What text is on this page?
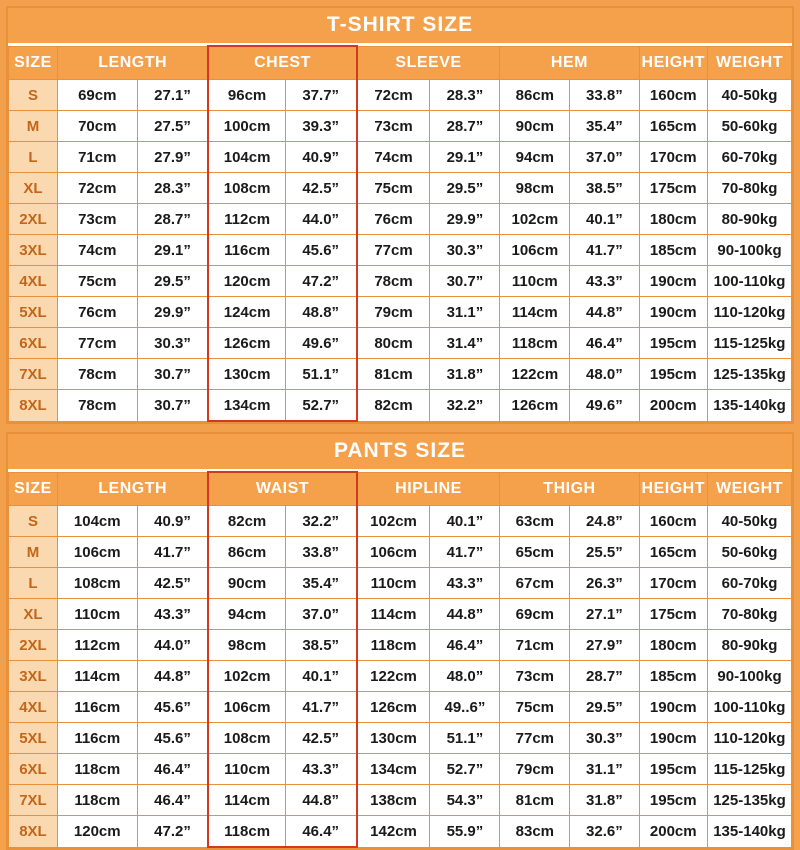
T-SHIRT SIZE
SIZE	LENGTH		CHEST		SLEEVE		HEM		HEIGHT	WEIGHT
S	69cm	27.1”	96cm	37.7”	72cm	28.3”	86cm	33.8”	160cm	40-50kg
M	70cm	27.5”	100cm	39.3”	73cm	28.7”	90cm	35.4”	165cm	50-60kg
L	71cm	27.9”	104cm	40.9”	74cm	29.1”	94cm	37.0”	170cm	60-70kg
XL	72cm	28.3”	108cm	42.5”	75cm	29.5”	98cm	38.5”	175cm	70-80kg
2XL	73cm	28.7”	112cm	44.0”	76cm	29.9”	102cm	40.1”	180cm	80-90kg
3XL	74cm	29.1”	116cm	45.6”	77cm	30.3”	106cm	41.7”	185cm	90-100kg
4XL	75cm	29.5”	120cm	47.2”	78cm	30.7”	110cm	43.3”	190cm	100-110kg
5XL	76cm	29.9”	124cm	48.8”	79cm	31.1”	114cm	44.8”	190cm	110-120kg
6XL	77cm	30.3”	126cm	49.6”	80cm	31.4”	118cm	46.4”	195cm	115-125kg
7XL	78cm	30.7”	130cm	51.1”	81cm	31.8”	122cm	48.0”	195cm	125-135kg
8XL	78cm	30.7”	134cm	52.7”	82cm	32.2”	126cm	49.6”	200cm	135-140kg
PANTS SIZE
SIZE	LENGTH		WAIST		HIPLINE		THIGH		HEIGHT	WEIGHT
S	104cm	40.9”	82cm	32.2”	102cm	40.1”	63cm	24.8”	160cm	40-50kg
M	106cm	41.7”	86cm	33.8”	106cm	41.7”	65cm	25.5”	165cm	50-60kg
L	108cm	42.5”	90cm	35.4”	110cm	43.3”	67cm	26.3”	170cm	60-70kg
XL	110cm	43.3”	94cm	37.0”	114cm	44.8”	69cm	27.1”	175cm	70-80kg
2XL	112cm	44.0”	98cm	38.5”	118cm	46.4”	71cm	27.9”	180cm	80-90kg
3XL	114cm	44.8”	102cm	40.1”	122cm	48.0”	73cm	28.7”	185cm	90-100kg
4XL	116cm	45.6”	106cm	41.7”	126cm	49..6”	75cm	29.5”	190cm	100-110kg
5XL	116cm	45.6”	108cm	42.5”	130cm	51.1”	77cm	30.3”	190cm	110-120kg
6XL	118cm	46.4”	110cm	43.3”	134cm	52.7”	79cm	31.1”	195cm	115-125kg
7XL	118cm	46.4”	114cm	44.8”	138cm	54.3”	81cm	31.8”	195cm	125-135kg
8XL	120cm	47.2”	118cm	46.4”	142cm	55.9”	83cm	32.6”	200cm	135-140kg
